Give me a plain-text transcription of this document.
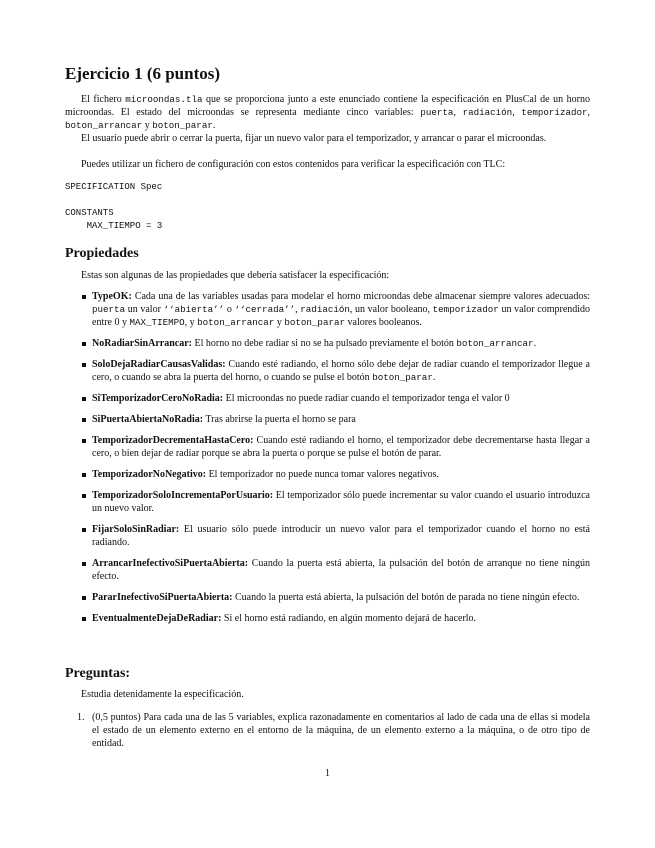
Ejercicio 1 (6 puntos)

El fichero microondas.tla que se proporciona junto a este enunciado contiene la especificación en PlusCal de un horno microondas. El estado del microondas se representa mediante cinco variables: puerta, radiación, temporizador, boton_arrancar y boton_parar.

El usuario puede abrir o cerrar la puerta, fijar un nuevo valor para el temporizador, y arrancar o parar el microondas.

Puedes utilizar un fichero de configuración con estos contenidos para verificar la especificación con TLC:

SPECIFICATION Spec
CONSTANTS
MAX_TIEMPO = 3
Propiedades

Estas son algunas de las propiedades que debería satisfacer la especificación:

TypeOK: Cada una de las variables usadas para modelar el horno microondas debe almacenar siempre valores adecuados: puerta un valor ‘‘abierta’’ o ‘‘cerrada’’, radiación, un valor booleano, temporizador un valor comprendido entre 0 y MAX_TIEMPO, y boton_arrancar y boton_parar valores booleanos.
NoRadiarSinArrancar: El horno no debe radiar si no se ha pulsado previamente el botón boton_arrancar.
SoloDejaRadiarCausasValidas: Cuando esté radiando, el horno sólo debe dejar de radiar cuando el temporizador llegue a cero, o cuando se abra la puerta del horno, o cuando se pulse el botón boton_parar.
SiTemporizadorCeroNoRadia: El microondas no puede radiar cuando el temporizador tenga el valor 0
SiPuertaAbiertaNoRadia: Tras abrirse la puerta el horno se para
TemporizadorDecrementaHastaCero: Cuando esté radiando el horno, el temporizador debe decrementarse hasta llegar a cero, o bien dejar de radiar porque se abra la puerta o porque se pulse el botón de parar.
TemporizadorNoNegativo: El temporizador no puede nunca tomar valores negativos.
TemporizadorSoloIncrementaPorUsuario: El temporizador sólo puede incrementar su valor cuando el usuario introduzca un nuevo valor.
FijarSoloSinRadiar: El usuario sólo puede introducir un nuevo valor para el temporizador cuando el horno no está radiando.
ArrancarInefectivoSiPuertaAbierta: Cuando la puerta está abierta, la pulsación del botón de arranque no tiene ningún efecto.
PararInefectivoSiPuertaAbierta: Cuando la puerta está abierta, la pulsación del botón de parada no tiene ningún efecto.
EventualmenteDejaDeRadiar: Si el horno está radiando, en algún momento dejará de hacerlo.
Preguntas:

Estudia detenidamente la especificación.

1. (0,5 puntos) Para cada una de las 5 variables, explica razonadamente en comentarios al lado de cada una de ellas si modela el estado de un elemento externo en el entorno de la máquina, de un elemento externo a la máquina, o de otro tipo de entidad.
1
